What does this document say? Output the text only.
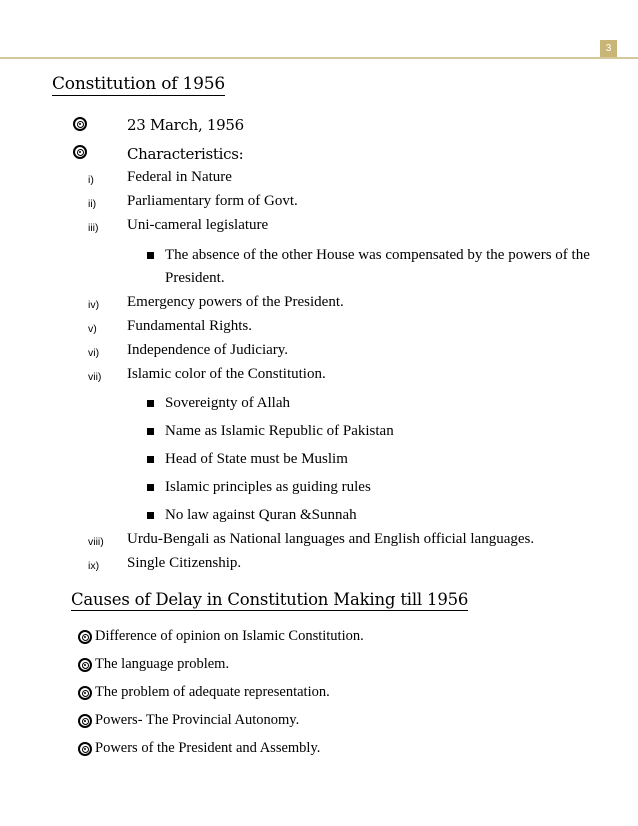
3
Constitution of 1956
23 March, 1956
Characteristics:
i) Federal in Nature
ii) Parliamentary form of Govt.
iii) Uni-cameral legislature
The absence of the other House was compensated by the powers of the President.
iv) Emergency powers of the President.
v) Fundamental Rights.
vi) Independence of Judiciary.
vii) Islamic color of the Constitution.
Sovereignty of Allah
Name as Islamic Republic of Pakistan
Head of State must be Muslim
Islamic principles as guiding rules
No law against Quran &Sunnah
viii) Urdu-Bengali as National languages and English official languages.
ix) Single Citizenship.
Causes of Delay in Constitution Making till 1956
Difference of opinion on Islamic Constitution.
The language problem.
The problem of adequate representation.
Powers- The Provincial Autonomy.
Powers of the President and Assembly.
